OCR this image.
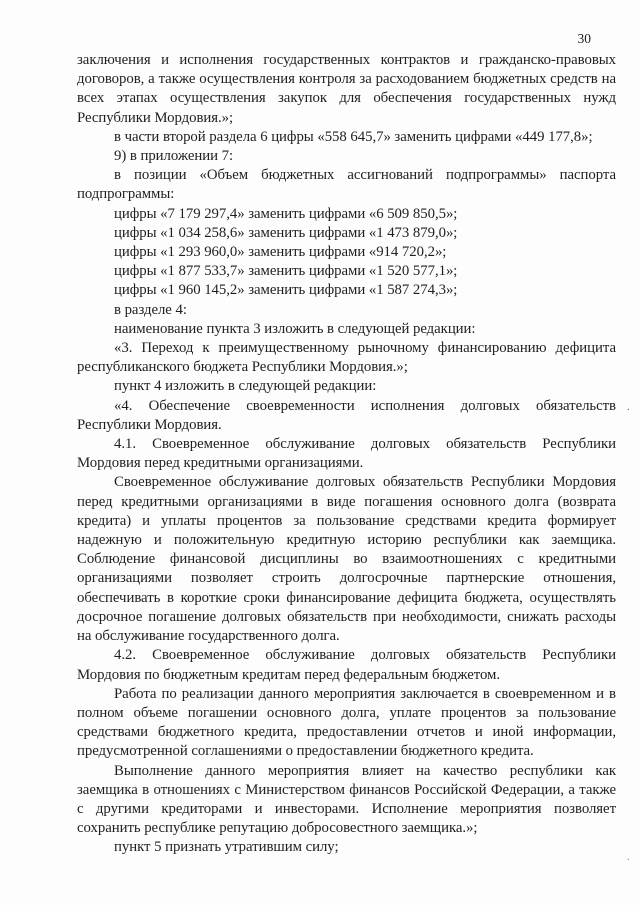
30

заключения и исполнения государственных контрактов и гражданско-правовых договоров, а также осуществления контроля за расходованием бюджетных средств на всех этапах осуществления закупок для обеспечения государственных нужд Республики Мордовия.»;

в части второй раздела 6 цифры «558 645,7» заменить цифрами «449 177,8»;

9) в приложении 7:

в позиции «Объем бюджетных ассигнований подпрограммы» паспорта подпрограммы:

цифры «7 179 297,4» заменить цифрами «6 509 850,5»;

цифры «1 034 258,6» заменить цифрами «1 473 879,0»;

цифры «1 293 960,0» заменить цифрами «914 720,2»;

цифры «1 877 533,7» заменить цифрами «1 520 577,1»;

цифры «1 960 145,2» заменить цифрами «1 587 274,3»;

в разделе 4:

наименование пункта 3 изложить в следующей редакции:

«3. Переход к преимущественному рыночному финансированию дефицита республиканского бюджета Республики Мордовия.»;

пункт 4 изложить в следующей редакции:

«4. Обеспечение своевременности исполнения долговых обязательств Республики Мордовия.

4.1. Своевременное обслуживание долговых обязательств Республики Мордовия перед кредитными организациями.

Своевременное обслуживание долговых обязательств Республики Мордовия перед кредитными организациями в виде погашения основного долга (возврата кредита) и уплаты процентов за пользование средствами кредита формирует надежную и положительную кредитную историю республики как заемщика. Соблюдение финансовой дисциплины во взаимоотношениях с кредитными организациями позволяет строить долгосрочные партнерские отношения, обеспечивать в короткие сроки финансирование дефицита бюджета, осуществлять досрочное погашение долговых обязательств при необходимости, снижать расходы на обслуживание государственного долга.

4.2. Своевременное обслуживание долговых обязательств Республики Мордовия по бюджетным кредитам перед федеральным бюджетом.

Работа по реализации данного мероприятия заключается в своевременном и в полном объеме погашении основного долга, уплате процентов за пользование средствами бюджетного кредита, предоставлении отчетов и иной информации, предусмотренной соглашениями о предоставлении бюджетного кредита.

Выполнение данного мероприятия влияет на качество республики как заемщика в отношениях с Министерством финансов Российской Федерации, а также с другими кредиторами и инвесторами. Исполнение мероприятия позволяет сохранить республике репутацию добросовестного заемщика.»;

пункт 5 признать утратившим силу;

·
·
